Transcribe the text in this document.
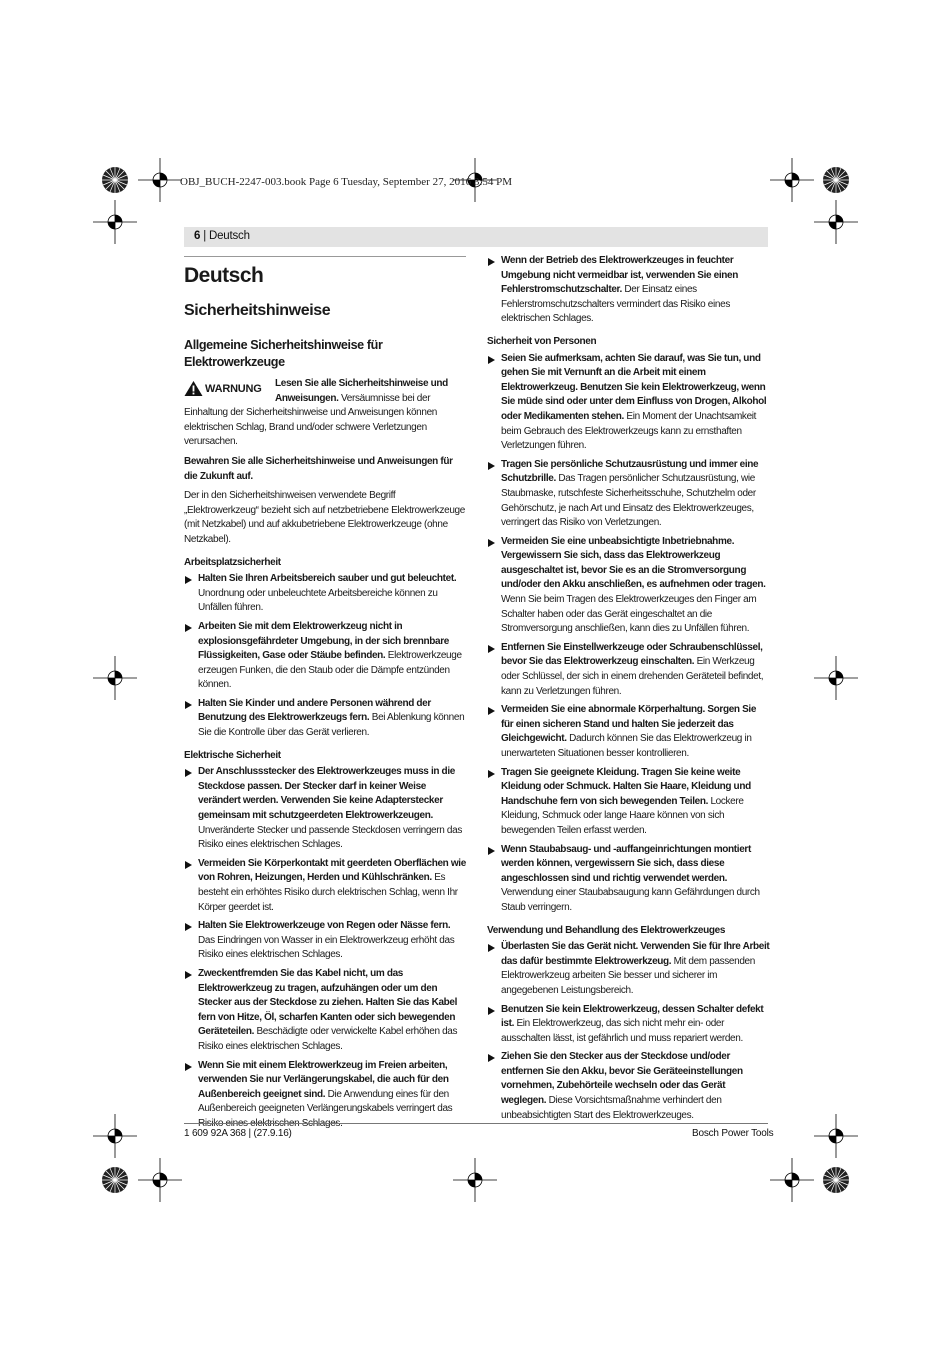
OBJ_BUCH-2247-003.book Page 6 Tuesday, September 27, 2016 3:54 PM
6 | Deutsch
Deutsch
Sicherheitshinweise
Allgemeine Sicherheitshinweise für Elektrowerkzeuge

WARNUNG Lesen Sie alle Sicherheitshinweise und Anweisungen. Versäumnisse bei der Einhaltung der Sicherheitshinweise und Anweisungen können elektrischen Schlag, Brand und/oder schwere Verletzungen verursachen.

Bewahren Sie alle Sicherheitshinweise und Anweisungen für die Zukunft auf.

Der in den Sicherheitshinweisen verwendete Begriff „Elektrowerkzeug“ bezieht sich auf netzbetriebene Elektrowerkzeuge (mit Netzkabel) und auf akkubetriebene Elektrowerkzeuge (ohne Netzkabel).

Arbeitsplatzsicherheit
Halten Sie Ihren Arbeitsbereich sauber und gut beleuchtet. Unordnung oder unbeleuchtete Arbeitsbereiche können zu Unfällen führen.
Arbeiten Sie mit dem Elektrowerkzeug nicht in explosionsgefährdeter Umgebung, in der sich brennbare Flüssigkeiten, Gase oder Stäube befinden. Elektrowerkzeuge erzeugen Funken, die den Staub oder die Dämpfe entzünden können.
Halten Sie Kinder und andere Personen während der Benutzung des Elektrowerkzeugs fern. Bei Ablenkung können Sie die Kontrolle über das Gerät verlieren.
Elektrische Sicherheit
Der Anschlussstecker des Elektrowerkzeuges muss in die Steckdose passen. Der Stecker darf in keiner Weise verändert werden. Verwenden Sie keine Adapterstecker gemeinsam mit schutzgeerdeten Elektrowerkzeugen. Unveränderte Stecker und passende Steckdosen verringern das Risiko eines elektrischen Schlages.
Vermeiden Sie Körperkontakt mit geerdeten Oberflächen wie von Rohren, Heizungen, Herden und Kühlschränken. Es besteht ein erhöhtes Risiko durch elektrischen Schlag, wenn Ihr Körper geerdet ist.
Halten Sie Elektrowerkzeuge von Regen oder Nässe fern. Das Eindringen von Wasser in ein Elektrowerkzeug erhöht das Risiko eines elektrischen Schlages.
Zweckentfremden Sie das Kabel nicht, um das Elektrowerkzeug zu tragen, aufzuhängen oder um den Stecker aus der Steckdose zu ziehen. Halten Sie das Kabel fern von Hitze, Öl, scharfen Kanten oder sich bewegenden Geräteteilen. Beschädigte oder verwickelte Kabel erhöhen das Risiko eines elektrischen Schlages.
Wenn Sie mit einem Elektrowerkzeug im Freien arbeiten, verwenden Sie nur Verlängerungskabel, die auch für den Außenbereich geeignet sind. Die Anwendung eines für den Außenbereich geeigneten Verlängerungskabels verringert das Risiko eines elektrischen Schlages.
Wenn der Betrieb des Elektrowerkzeuges in feuchter Umgebung nicht vermeidbar ist, verwenden Sie einen Fehlerstromschutzschalter. Der Einsatz eines Fehlerstromschutzschalters vermindert das Risiko eines elektrischen Schlages.
Sicherheit von Personen
Seien Sie aufmerksam, achten Sie darauf, was Sie tun, und gehen Sie mit Vernunft an die Arbeit mit einem Elektrowerkzeug. Benutzen Sie kein Elektrowerkzeug, wenn Sie müde sind oder unter dem Einfluss von Drogen, Alkohol oder Medikamenten stehen. Ein Moment der Unachtsamkeit beim Gebrauch des Elektrowerkzeugs kann zu ernsthaften Verletzungen führen.
Tragen Sie persönliche Schutzausrüstung und immer eine Schutzbrille. Das Tragen persönlicher Schutzausrüstung, wie Staubmaske, rutschfeste Sicherheitsschuhe, Schutzhelm oder Gehörschutz, je nach Art und Einsatz des Elektrowerkzeuges, verringert das Risiko von Verletzungen.
Vermeiden Sie eine unbeabsichtigte Inbetriebnahme. Vergewissern Sie sich, dass das Elektrowerkzeug ausgeschaltet ist, bevor Sie es an die Stromversorgung und/oder den Akku anschließen, es aufnehmen oder tragen. Wenn Sie beim Tragen des Elektrowerkzeuges den Finger am Schalter haben oder das Gerät eingeschaltet an die Stromversorgung anschließen, kann dies zu Unfällen führen.
Entfernen Sie Einstellwerkzeuge oder Schraubenschlüssel, bevor Sie das Elektrowerkzeug einschalten. Ein Werkzeug oder Schlüssel, der sich in einem drehenden Geräteteil befindet, kann zu Verletzungen führen.
Vermeiden Sie eine abnormale Körperhaltung. Sorgen Sie für einen sicheren Stand und halten Sie jederzeit das Gleichgewicht. Dadurch können Sie das Elektrowerkzeug in unerwarteten Situationen besser kontrollieren.
Tragen Sie geeignete Kleidung. Tragen Sie keine weite Kleidung oder Schmuck. Halten Sie Haare, Kleidung und Handschuhe fern von sich bewegenden Teilen. Lockere Kleidung, Schmuck oder lange Haare können von sich bewegenden Teilen erfasst werden.
Wenn Staubabsaug- und -auffangeinrichtungen montiert werden können, vergewissern Sie sich, dass diese angeschlossen sind und richtig verwendet werden. Verwendung einer Staubabsaugung kann Gefährdungen durch Staub verringern.
Verwendung und Behandlung des Elektrowerkzeuges
Überlasten Sie das Gerät nicht. Verwenden Sie für Ihre Arbeit das dafür bestimmte Elektrowerkzeug. Mit dem passenden Elektrowerkzeug arbeiten Sie besser und sicherer im angegebenen Leistungsbereich.
Benutzen Sie kein Elektrowerkzeug, dessen Schalter defekt ist. Ein Elektrowerkzeug, das sich nicht mehr ein- oder ausschalten lässt, ist gefährlich und muss repariert werden.
Ziehen Sie den Stecker aus der Steckdose und/oder entfernen Sie den Akku, bevor Sie Geräteeinstellungen vornehmen, Zubehörteile wechseln oder das Gerät weglegen. Diese Vorsichtsmaßnahme verhindert den unbeabsichtigten Start des Elektrowerkzeuges.
1 609 92A 368 | (27.9.16)	Bosch Power Tools
